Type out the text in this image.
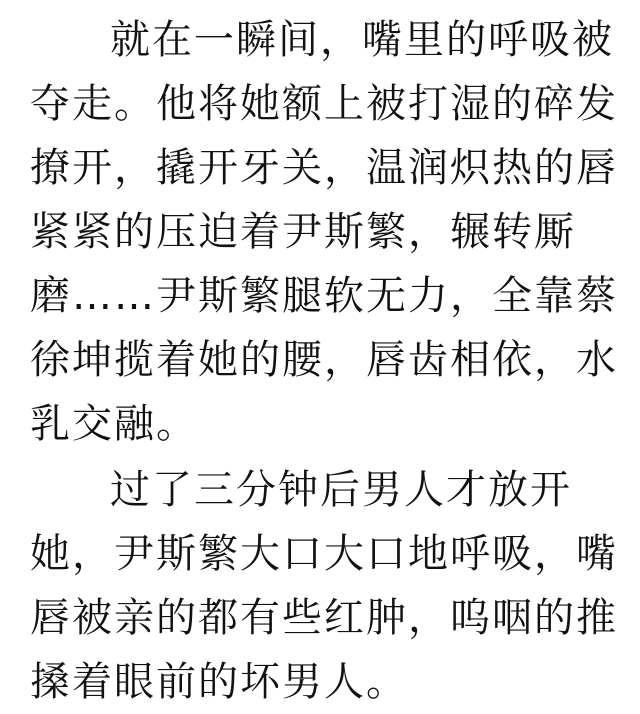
就在一瞬间，嘴里的呼吸被
夺走。他将她额上被打湿的碎发
撩开，撬开牙关，温润炽热的唇
紧紧的压迫着尹斯繁，辗转厮
磨……尹斯繁腿软无力，全靠蔡
徐坤揽着她的腰，唇齿相依，水
乳交融。
过了三分钟后男人才放开
她，尹斯繁大口大口地呼吸，嘴
唇被亲的都有些红肿，呜咽的推
搡着眼前的坏男人。
